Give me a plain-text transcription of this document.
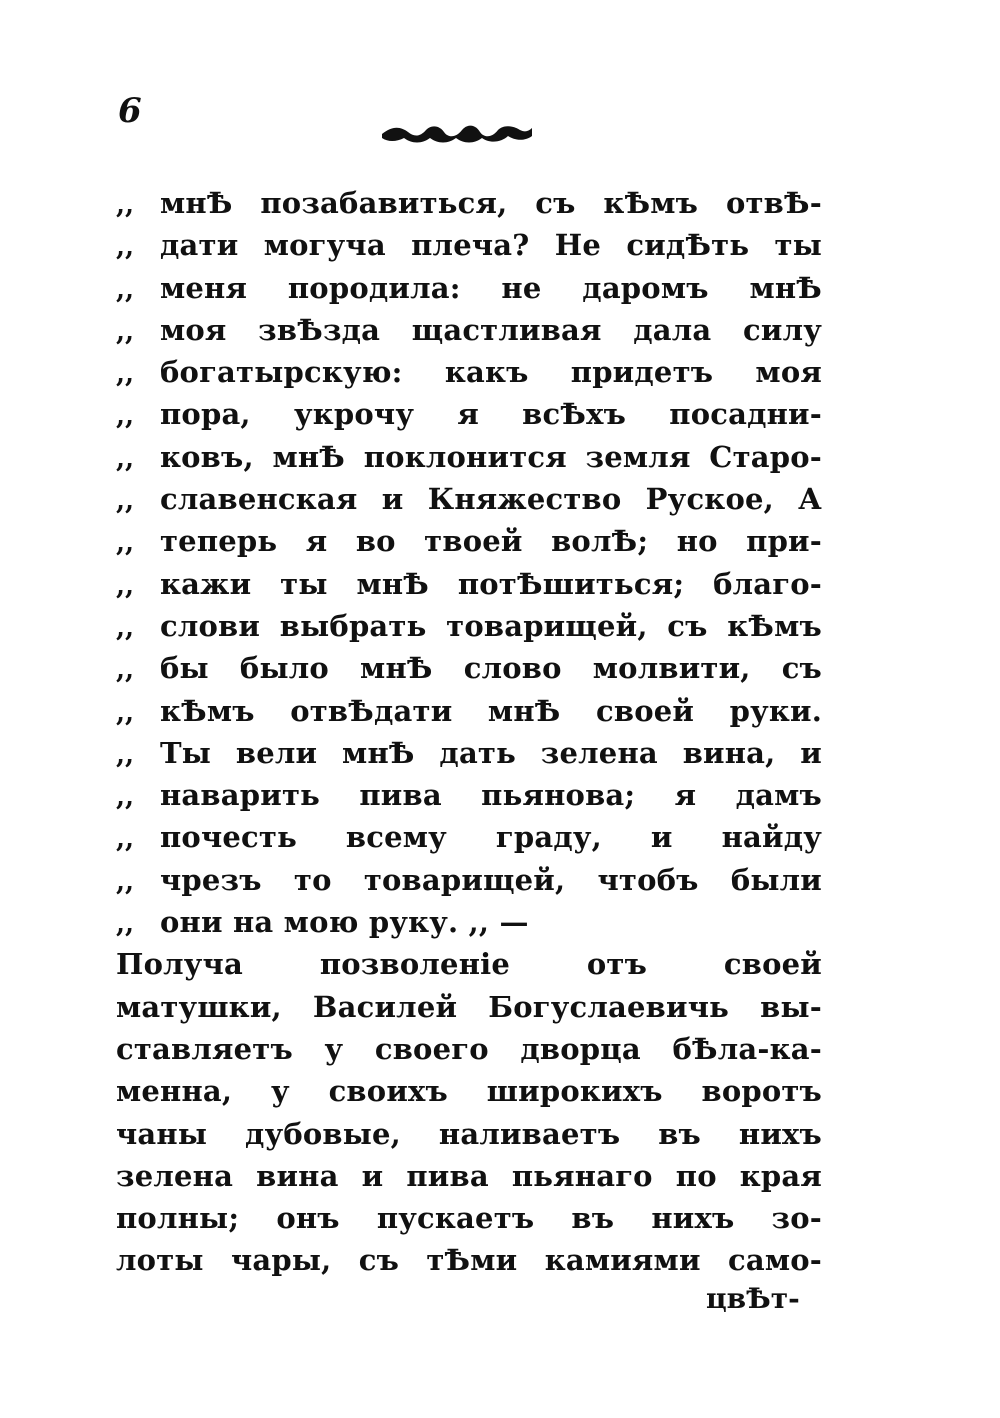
6
,, мнѢ позабавиться, съ кѢмъ отвѢ-
,, дати могуча плеча? Не сидѢть ты
,, меня породила: не даромъ мнѢ
,, моя звѢзда щастливая дала силу
,, богатырскую: какъ придетъ моя
,, пора, укрочу я всѢхъ посадни-
,, ковъ, мнѢ поклонится земля Старо-
,, славенская и Княжество Руское, А
,, теперь я во твоей волѢ; но при-
,, кажи ты мнѢ потѢшиться; благо-
,, слови выбрать товарищей, съ кѢмъ
,, бы было мнѢ слово молвити, съ
,, кѢмъ отвѢдати мнѢ своей руки.
,, Ты вели мнѢ дать зелена вина, и
,, наварить пива пьянова; я дамъ
,, почесть всему граду, и найду
,, чрезъ то товарищей, чтобъ были
,, они на мою руку. ,, —
Получа позволеніе отъ своей
матушки, Василей Богуслаевичь вы-
ставляетъ у своего дворца бѢла-ка-
менна, у своихъ широкихъ воротъ
чаны дубовые, наливаетъ въ нихъ
зелена вина и пива пьянаго по края
полны; онъ пускаетъ въ нихъ зо-
лоты чары, съ тѢми камиями само-
цвѢт-
